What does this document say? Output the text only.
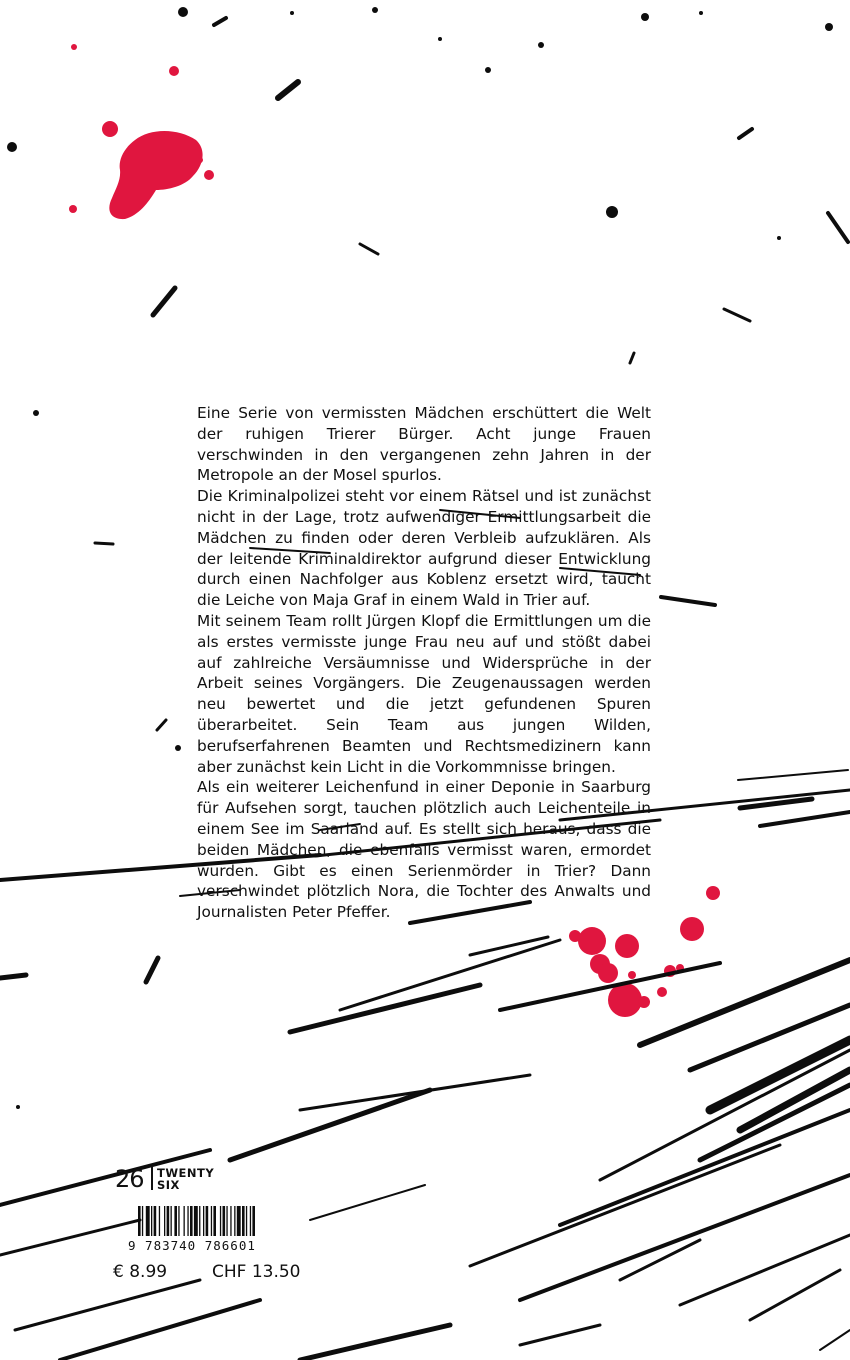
Eine Serie von vermissten Mädchen erschüttert die Welt der ruhigen Trierer Bürger. Acht junge Frauen verschwinden in den vergangenen zehn Jahren in der Metropole an der Mosel spurlos.

Die Kriminalpolizei steht vor einem Rätsel und ist zunächst nicht in der Lage, trotz aufwendiger Ermittlungsarbeit die Mädchen zu finden oder deren Verbleib aufzuklären. Als der leitende Kriminaldirektor aufgrund dieser Entwicklung durch einen Nachfolger aus Koblenz ersetzt wird, taucht die Leiche von Maja Graf in einem Wald in Trier auf.

Mit seinem Team rollt Jürgen Klopf die Ermittlungen um die als erstes vermisste junge Frau neu auf und stößt dabei auf zahlreiche Versäumnisse und Widersprüche in der Arbeit seines Vorgängers. Die Zeugenaussagen werden neu bewertet und die jetzt gefundenen Spuren überarbeitet. Sein Team aus jungen Wilden, berufserfahrenen Beamten und Rechtsmedizinern kann aber zunächst kein Licht in die Vorkommnisse bringen.

Als ein weiterer Leichenfund in einer Deponie in Saarburg für Aufsehen sorgt, tauchen plötzlich auch Leichenteile in einem See im Saarland auf. Es stellt sich heraus, dass die beiden Mädchen, die ebenfalls vermisst waren, ermordet wurden. Gibt es einen Serienmörder in Trier? Dann verschwindet plötzlich Nora, die Tochter des Anwalts und Journalisten Peter Pfeffer.

26 TWENTY
SIX
9 783740 786601
€ 8.99	CHF 13.50
